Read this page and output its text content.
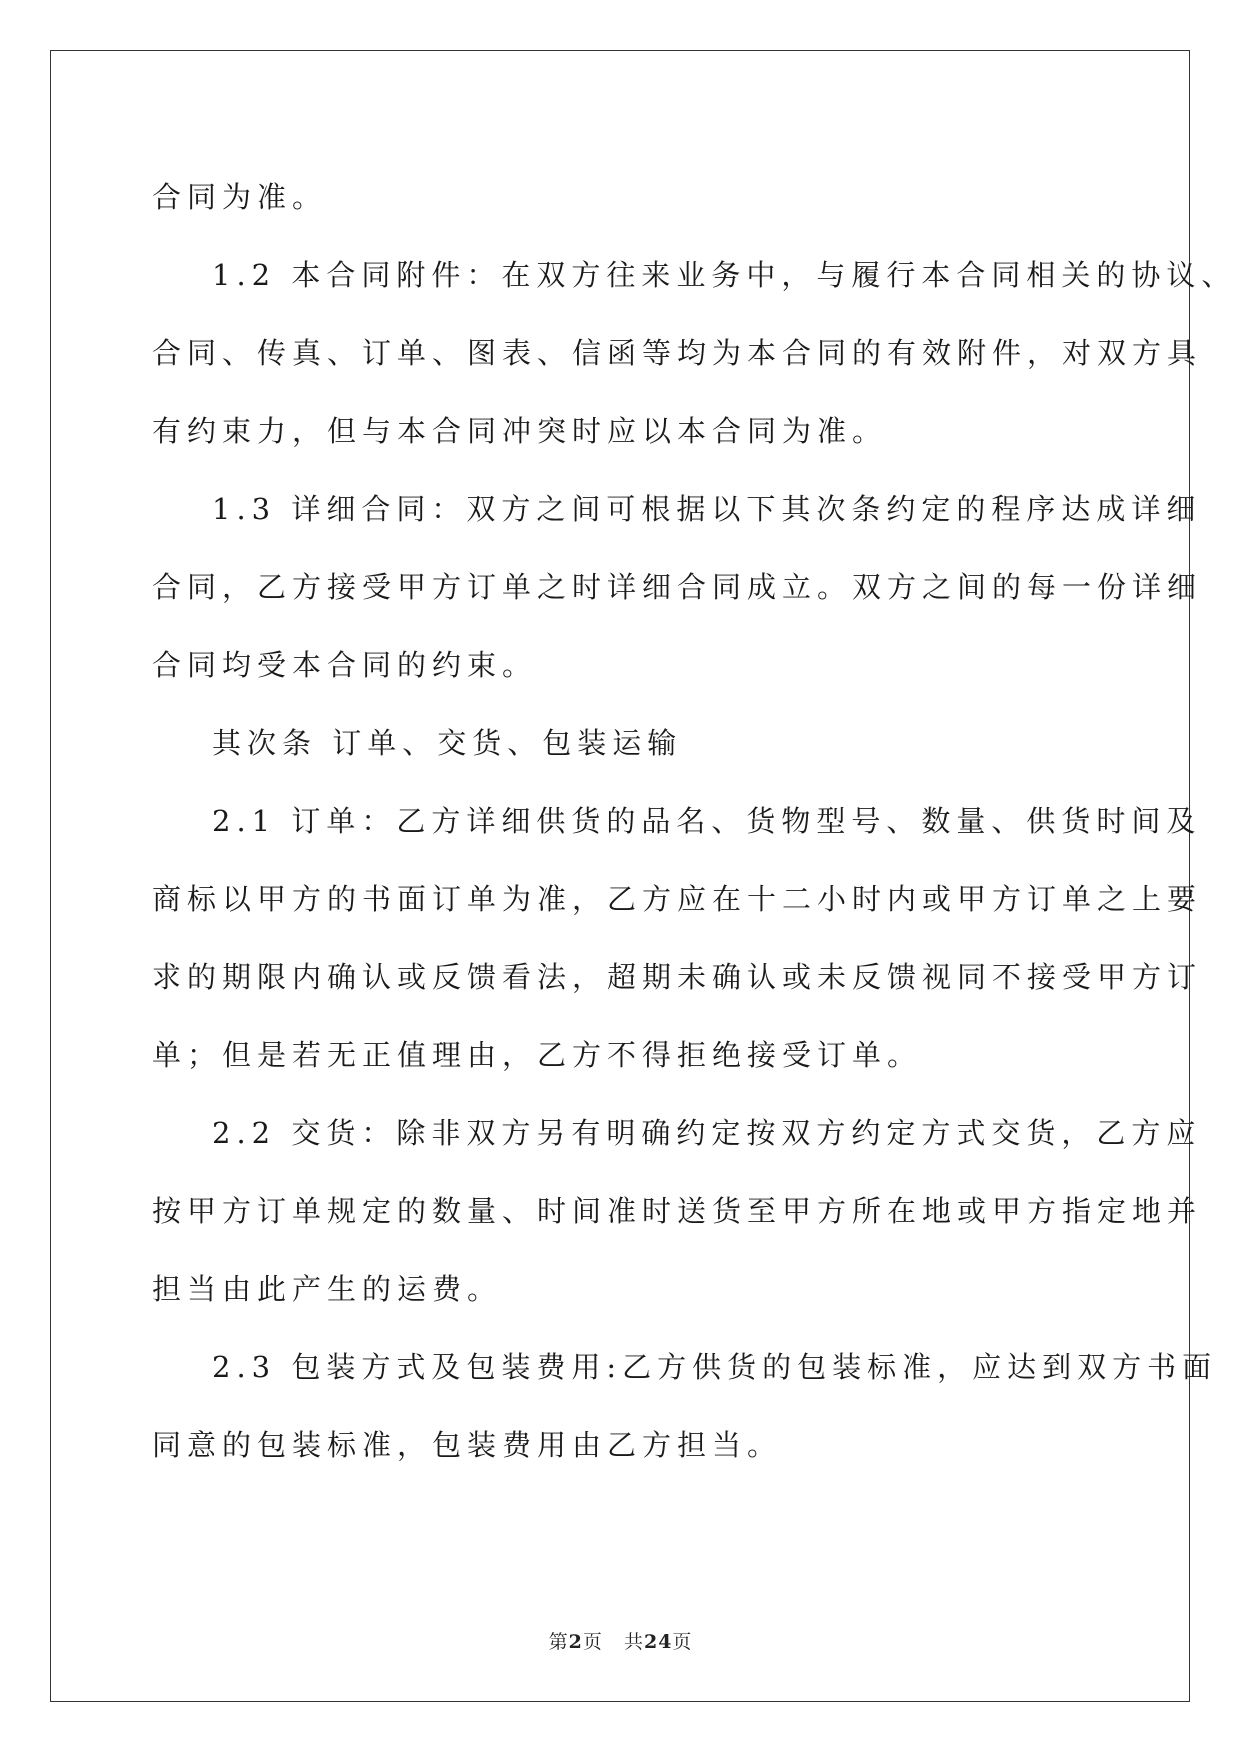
合同为准。
1.2 本合同附件：在双方往来业务中，与履行本合同相关的协议、
合同、传真、订单、图表、信函等均为本合同的有效附件，对双方具
有约束力，但与本合同冲突时应以本合同为准。
1.3 详细合同：双方之间可根据以下其次条约定的程序达成详细
合同，乙方接受甲方订单之时详细合同成立。双方之间的每一份详细
合同均受本合同的约束。
其次条 订单、交货、包装运输
2.1 订单：乙方详细供货的品名、货物型号、数量、供货时间及
商标以甲方的书面订单为准，乙方应在十二小时内或甲方订单之上要
求的期限内确认或反馈看法，超期未确认或未反馈视同不接受甲方订
单；但是若无正值理由，乙方不得拒绝接受订单。
2.2 交货：除非双方另有明确约定按双方约定方式交货，乙方应
按甲方订单规定的数量、时间准时送货至甲方所在地或甲方指定地并
担当由此产生的运费。
2.3 包装方式及包装费用:乙方供货的包装标准，应达到双方书面
同意的包装标准，包装费用由乙方担当。
第2页 共24页
